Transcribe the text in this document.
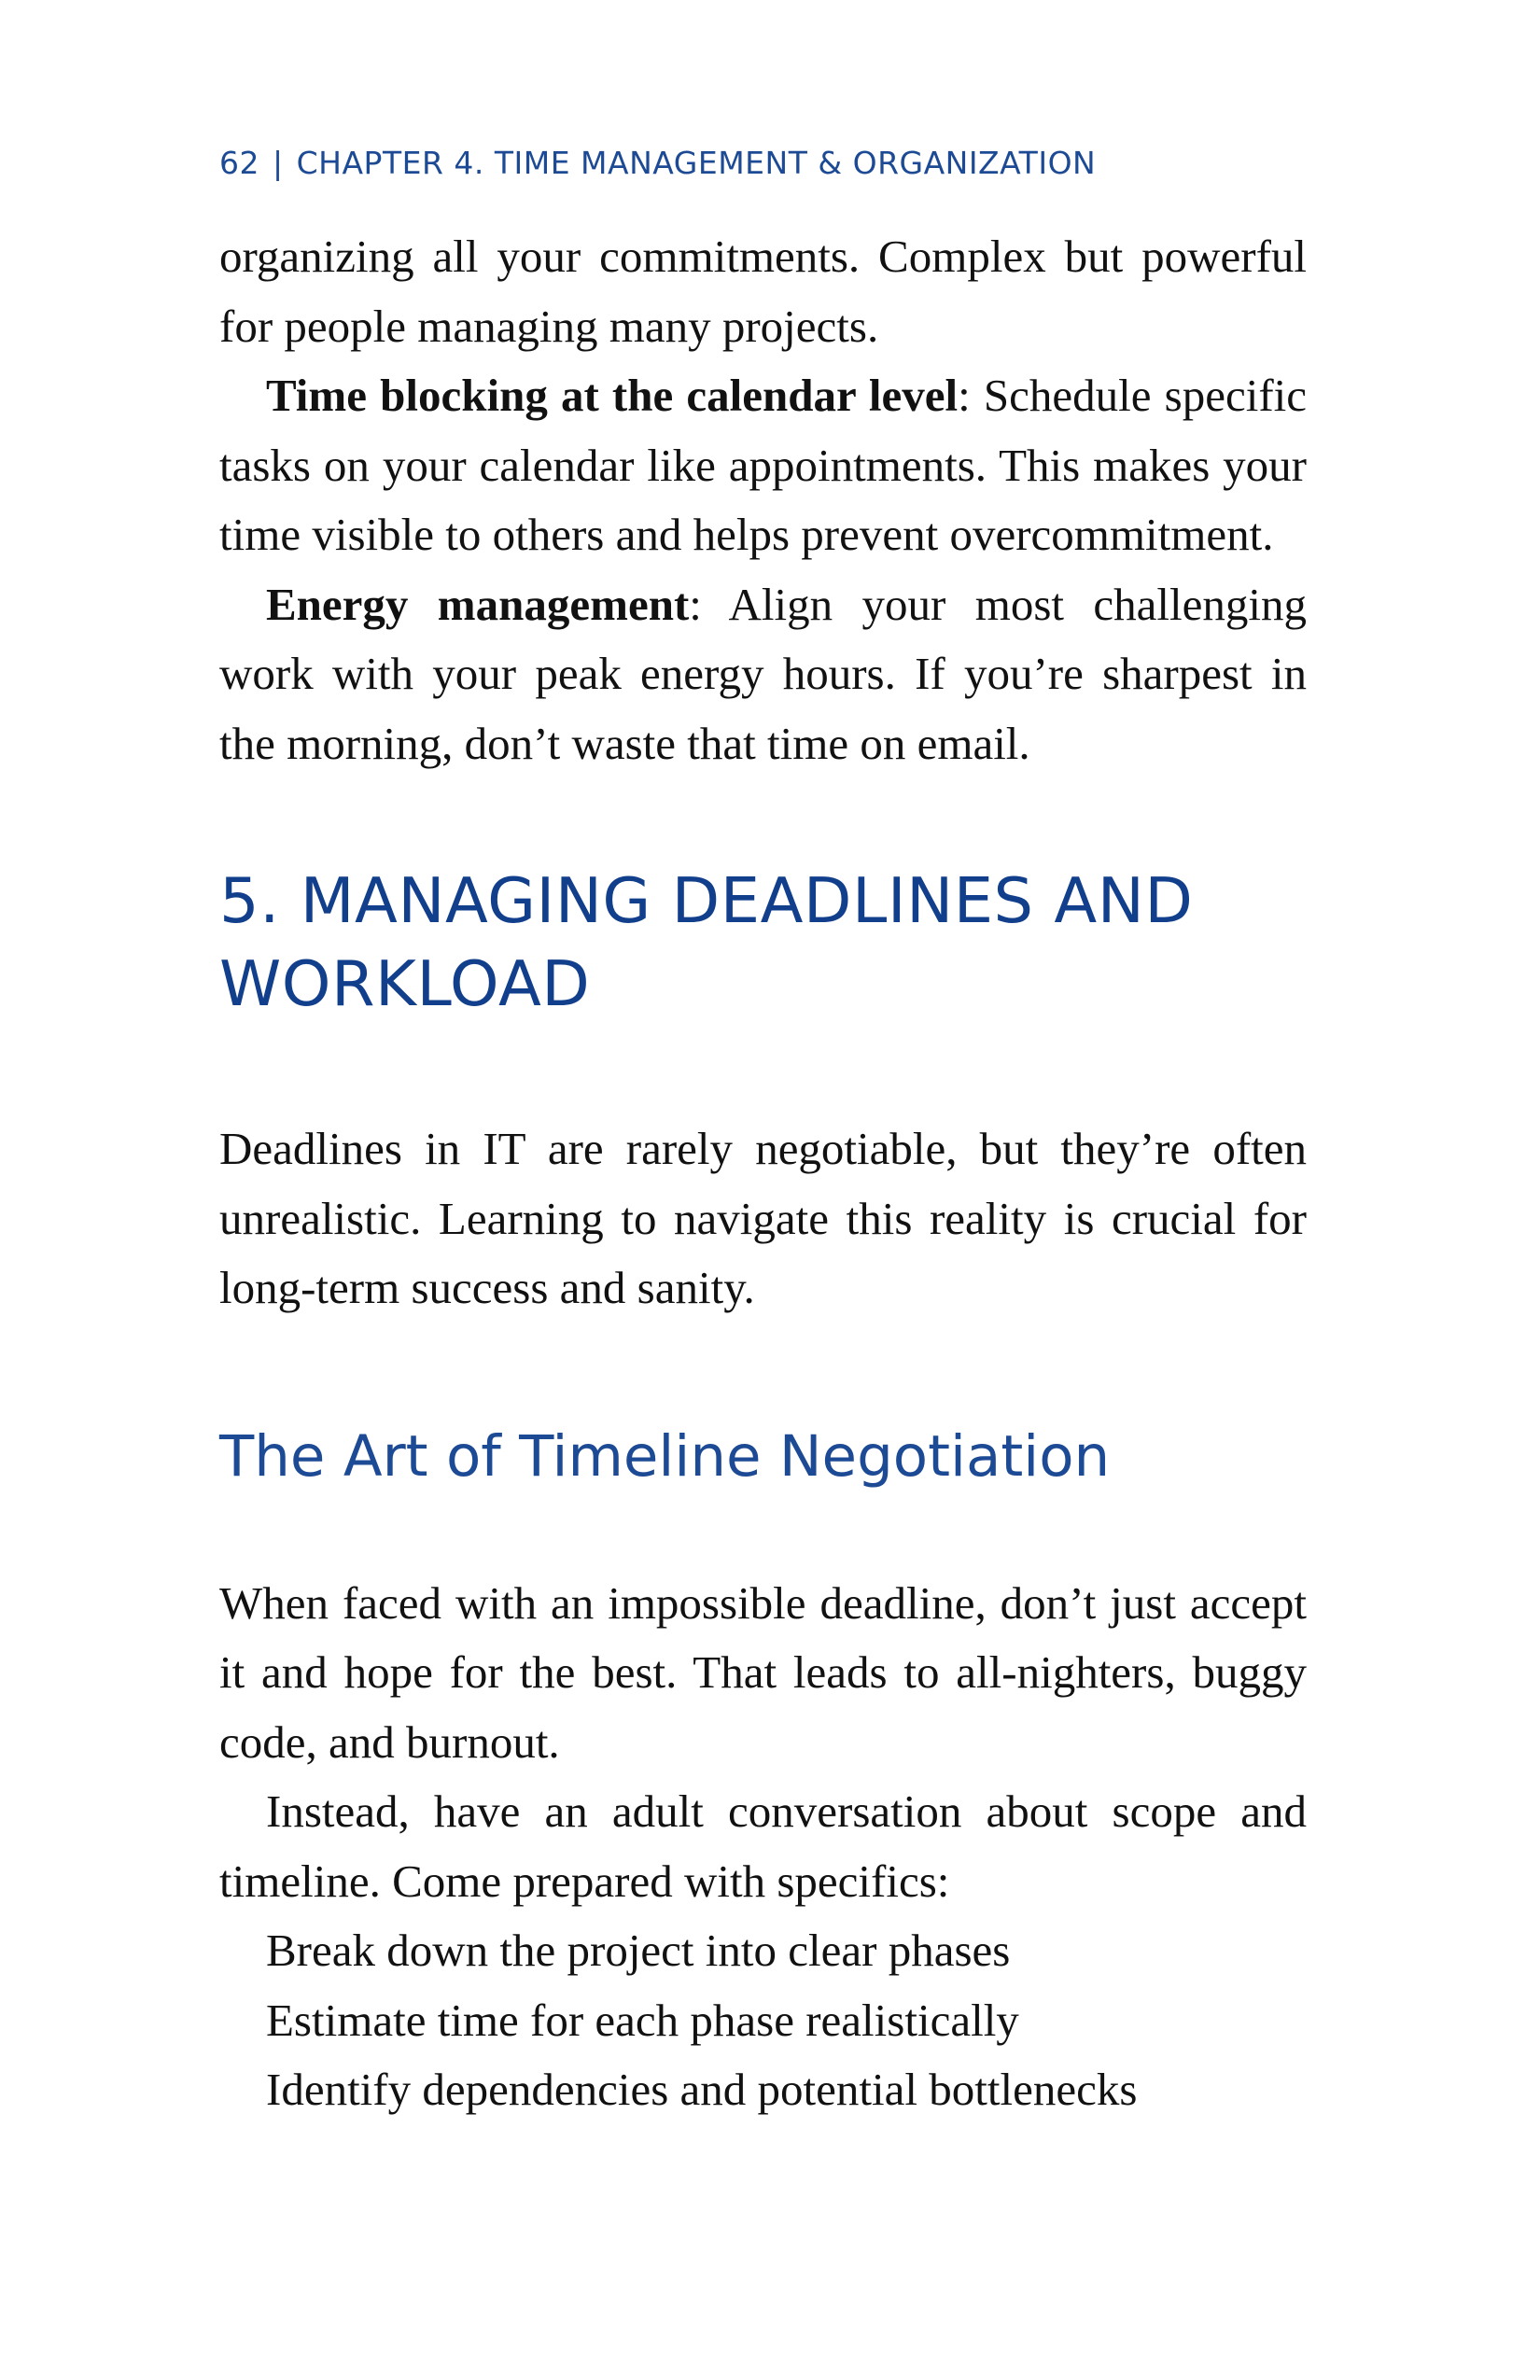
62 | CHAPTER 4. TIME MANAGEMENT & ORGANIZATION

organizing all your commitments. Complex but powerful for people managing many projects.

Time blocking at the calendar level: Schedule specific tasks on your calendar like appointments. This makes your time visible to others and helps prevent overcommitment.

Energy management: Align your most challenging work with your peak energy hours. If you’re sharpest in the morning, don’t waste that time on email.

5. MANAGING DEADLINES AND WORKLOAD

Deadlines in IT are rarely negotiable, but they’re often unrealistic. Learning to navigate this reality is crucial for long-term success and sanity.

The Art of Timeline Negotiation

When faced with an impossible deadline, don’t just accept it and hope for the best. That leads to all-nighters, buggy code, and burnout.

Instead, have an adult conversation about scope and timeline. Come prepared with specifics:

Break down the project into clear phases

Estimate time for each phase realistically

Identify dependencies and potential bottlenecks
